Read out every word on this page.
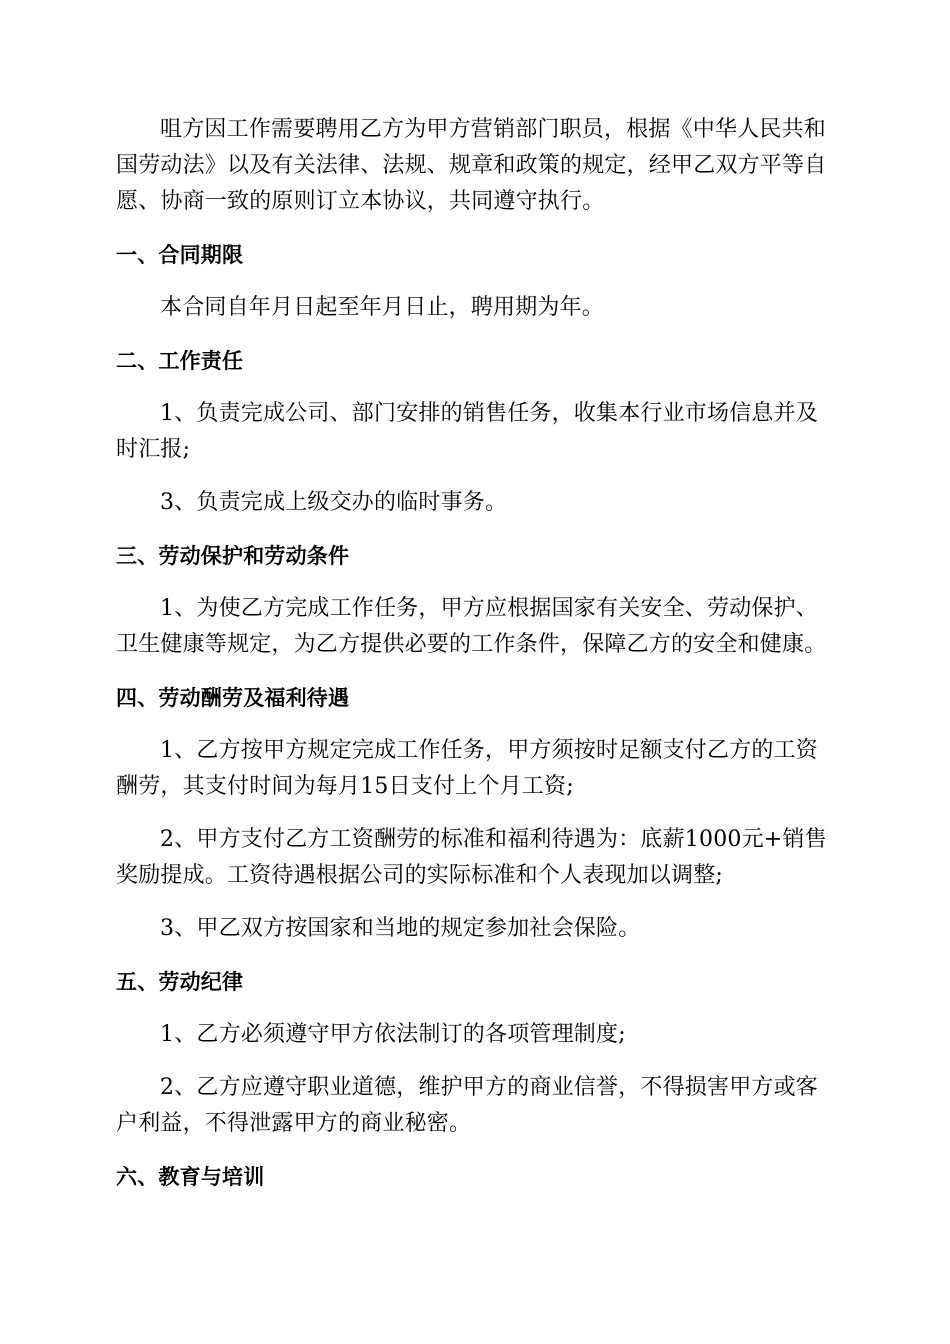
咀方因工作需要聘用乙方为甲方营销部门职员，根据《中华人民共和国劳动法》以及有关法律、法规、规章和政策的规定，经甲乙双方平等自愿、协商一致的原则订立本协议，共同遵守执行。

一、合同期限

本合同自年月日起至年月日止，聘用期为年。

二、工作责任

1、负责完成公司、部门安排的销售任务，收集本行业市场信息并及时汇报;

3、负责完成上级交办的临时事务。

三、劳动保护和劳动条件

1、为使乙方完成工作任务，甲方应根据国家有关安全、劳动保护、卫生健康等规定，为乙方提供必要的工作条件，保障乙方的安全和健康。

四、劳动酬劳及福利待遇

1、乙方按甲方规定完成工作任务，甲方须按时足额支付乙方的工资酬劳，其支付时间为每月15日支付上个月工资;

2、甲方支付乙方工资酬劳的标准和福利待遇为：底薪1000元+销售奖励提成。工资待遇根据公司的实际标准和个人表现加以调整;

3、甲乙双方按国家和当地的规定参加社会保险。

五、劳动纪律

1、乙方必须遵守甲方依法制订的各项管理制度;

2、乙方应遵守职业道德，维护甲方的商业信誉，不得损害甲方或客户利益，不得泄露甲方的商业秘密。

六、教育与培训
